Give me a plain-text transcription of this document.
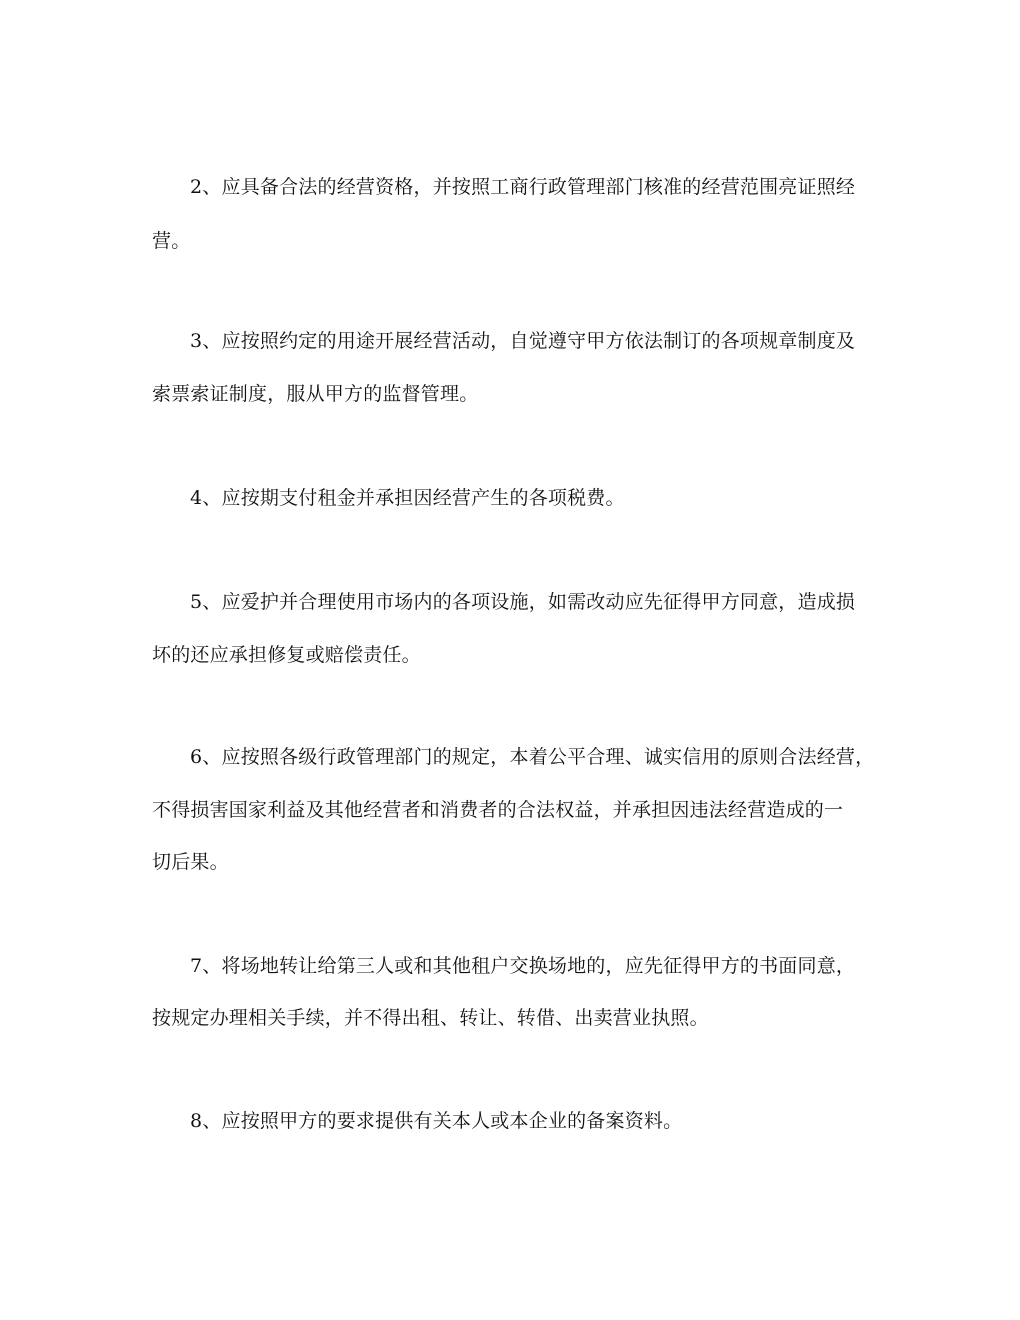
2、应具备合法的经营资格，并按照工商行政管理部门核准的经营范围亮证照经
营。
3、应按照约定的用途开展经营活动，自觉遵守甲方依法制订的各项规章制度及
索票索证制度，服从甲方的监督管理。
4、应按期支付租金并承担因经营产生的各项税费。
5、应爱护并合理使用市场内的各项设施，如需改动应先征得甲方同意，造成损
坏的还应承担修复或赔偿责任。
6、应按照各级行政管理部门的规定，本着公平合理、诚实信用的原则合法经营，
不得损害国家利益及其他经营者和消费者的合法权益，并承担因违法经营造成的一
切后果。
7、将场地转让给第三人或和其他租户交换场地的，应先征得甲方的书面同意，
按规定办理相关手续，并不得出租、转让、转借、出卖营业执照。
8、应按照甲方的要求提供有关本人或本企业的备案资料。
